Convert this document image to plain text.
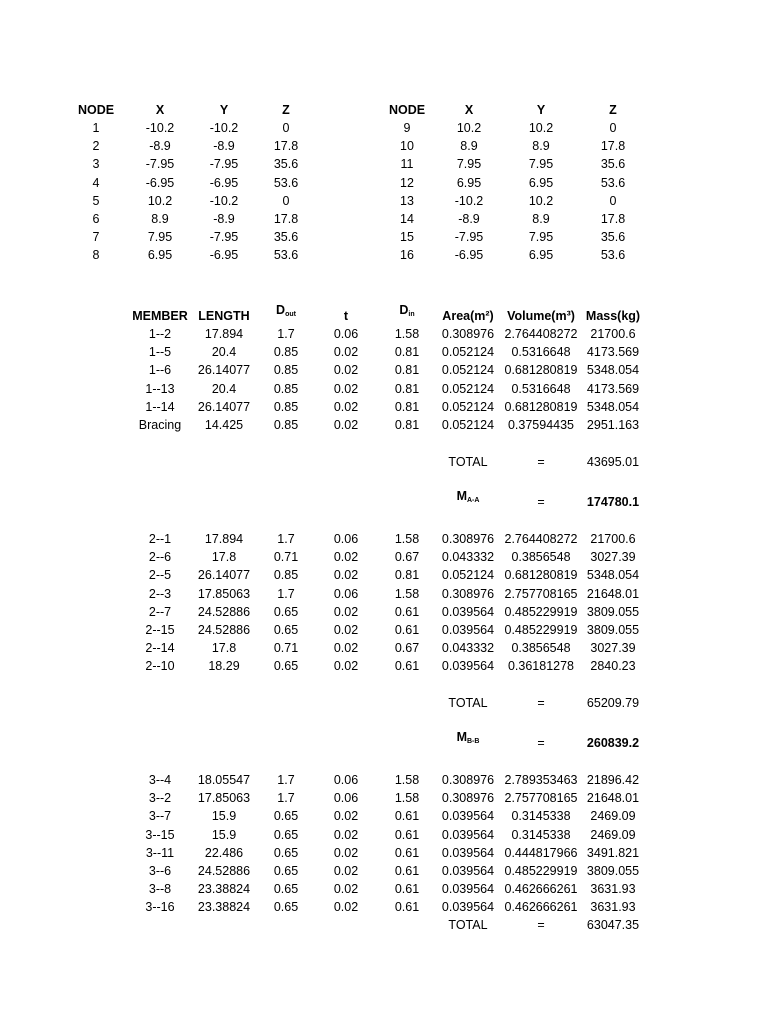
NODE	X	Y	Z	NODE	X	Y	Z
1	-10.2	-10.2	0	9	10.2	10.2	0
2	-8.9	-8.9	17.8	10	8.9	8.9	17.8
3	-7.95	-7.95	35.6	11	7.95	7.95	35.6
4	-6.95	-6.95	53.6	12	6.95	6.95	53.6
5	10.2	-10.2	0	13	-10.2	10.2	0
6	8.9	-8.9	17.8	14	-8.9	8.9	17.8
7	7.95	-7.95	35.6	15	-7.95	7.95	35.6
8	6.95	-6.95	53.6	16	-6.95	6.95	53.6
MEMBER LENGTH	$D_{out}$	t	$D_{in}$	Area(m²)	Volume(m³) Mass(kg)
1--2	17.894	1.7	0.06	1.58	0.308976 2.764408272	21700.6
1--5	20.4	0.85	0.02	0.81	0.052124	0.5316648	4173.569
1--6	26.14077	0.85	0.02	0.81	0.052124 0.681280819 5348.054
1--13	20.4	0.85	0.02	0.81	0.052124	0.5316648	4173.569
1--14	26.14077	0.85	0.02	0.81	0.052124 0.681280819 5348.054
Bracing	14.425	0.85	0.02	0.81	0.052124	0.37594435	2951.163
TOTAL	=	43695.01
$M_{A-A}$	=	174780.1
2--1	17.894	1.7	0.06	1.58	0.308976 2.764408272	21700.6
2--6	17.8	0.71	0.02	0.67	0.043332	0.3856548	3027.39
2--5	26.14077	0.85	0.02	0.81	0.052124 0.681280819 5348.054
2--3	17.85063	1.7	0.06	1.58	0.308976 2.757708165 21648.01
2--7	24.52886	0.65	0.02	0.61	0.039564 0.485229919 3809.055
2--15	24.52886	0.65	0.02	0.61	0.039564 0.485229919 3809.055
2--14	17.8	0.71	0.02	0.67	0.043332	0.3856548	3027.39
2--10	18.29	0.65	0.02	0.61	0.039564	0.36181278	2840.23
TOTAL	=	65209.79
$M_{B-B}$	=	260839.2
3--4	18.05547	1.7	0.06	1.58	0.308976 2.789353463 21896.42
3--2	17.85063	1.7	0.06	1.58	0.308976 2.757708165 21648.01
3--7	15.9	0.65	0.02	0.61	0.039564	0.3145338	2469.09
3--15	15.9	0.65	0.02	0.61	0.039564	0.3145338	2469.09
3--11	22.486	0.65	0.02	0.61	0.039564 0.444817966 3491.821
3--6	24.52886	0.65	0.02	0.61	0.039564 0.485229919 3809.055
3--8	23.38824	0.65	0.02	0.61	0.039564 0.462666261	3631.93
3--16	23.38824	0.65	0.02	0.61	0.039564 0.462666261	3631.93
TOTAL	=	63047.35
